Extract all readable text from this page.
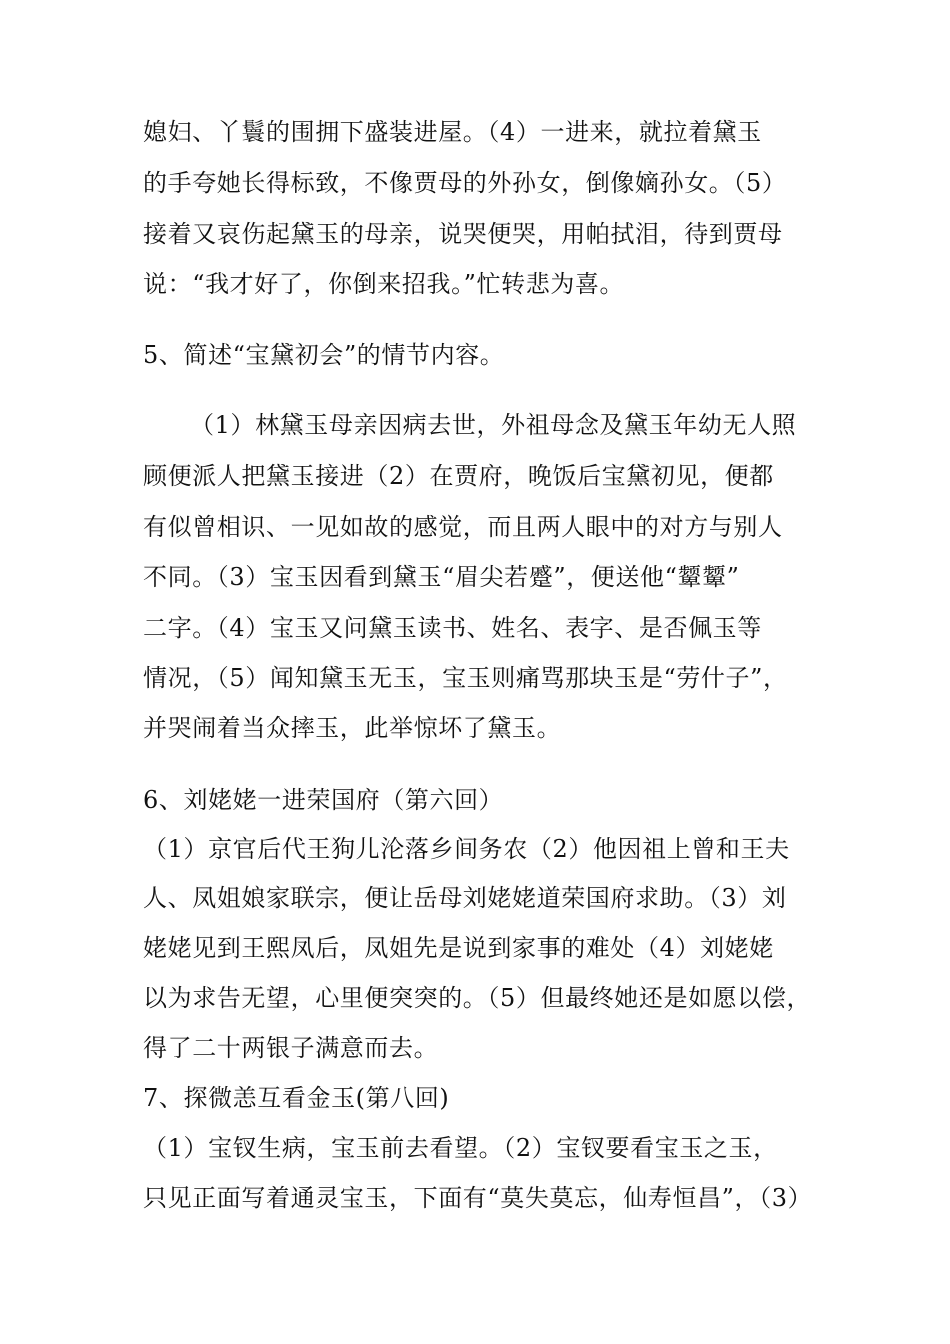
媳妇、丫鬟的围拥下盛装进屋。（4）一进来，就拉着黛玉
的手夸她长得标致，不像贾母的外孙女，倒像嫡孙女。（5）
接着又哀伤起黛玉的母亲，说哭便哭，用帕拭泪，待到贾母
说：“我才好了，你倒来招我。”忙转悲为喜。
5、简述“宝黛初会”的情节内容。
（1）林黛玉母亲因病去世，外祖母念及黛玉年幼无人照
顾便派人把黛玉接进（2）在贾府，晚饭后宝黛初见，便都
有似曾相识、一见如故的感觉，而且两人眼中的对方与别人
不同。（3）宝玉因看到黛玉“眉尖若蹙”，便送他“颦颦”
二字。（4）宝玉又问黛玉读书、姓名、表字、是否佩玉等
情况，（5）闻知黛玉无玉，宝玉则痛骂那块玉是“劳什子”，
并哭闹着当众摔玉，此举惊坏了黛玉。
6、刘姥姥一进荣国府（第六回）
（1）京官后代王狗儿沦落乡间务农（2）他因祖上曾和王夫
人、凤姐娘家联宗，便让岳母刘姥姥道荣国府求助。（3）刘
姥姥见到王熙凤后，凤姐先是说到家事的难处（4）刘姥姥
以为求告无望，心里便突突的。（5）但最终她还是如愿以偿，
得了二十两银子满意而去。
7、探微恙互看金玉(第八回)
（1）宝钗生病，宝玉前去看望。（2）宝钗要看宝玉之玉，
只见正面写着通灵宝玉，下面有“莫失莫忘，仙寿恒昌”，（3）
